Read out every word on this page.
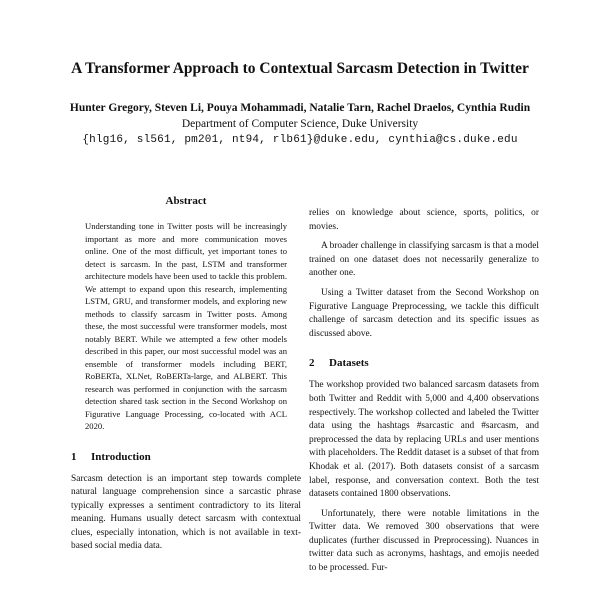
A Transformer Approach to Contextual Sarcasm Detection in Twitter
Hunter Gregory, Steven Li, Pouya Mohammadi, Natalie Tarn, Rachel Draelos, Cynthia Rudin
Department of Computer Science, Duke University
{hlg16, sl561, pm201, nt94, rlb61}@duke.edu, cynthia@cs.duke.edu
Abstract

Understanding tone in Twitter posts will be increasingly important as more and more communication moves online. One of the most difficult, yet important tones to detect is sarcasm. In the past, LSTM and transformer architecture models have been used to tackle this problem. We attempt to expand upon this research, implementing LSTM, GRU, and transformer models, and exploring new methods to classify sarcasm in Twitter posts. Among these, the most successful were transformer models, most notably BERT. While we attempted a few other models described in this paper, our most successful model was an ensemble of transformer models including BERT, RoBERTa, XLNet, RoBERTa-large, and ALBERT. This research was performed in conjunction with the sarcasm detection shared task section in the Second Workshop on Figurative Language Processing, co-located with ACL 2020.

1 Introduction

Sarcasm detection is an important step towards complete natural language comprehension since a sarcastic phrase typically expresses a sentiment contradictory to its literal meaning. Humans usually detect sarcasm with contextual clues, especially intonation, which is not available in text-based social media data.

relies on knowledge about science, sports, politics, or movies.

A broader challenge in classifying sarcasm is that a model trained on one dataset does not necessarily generalize to another one.

Using a Twitter dataset from the Second Workshop on Figurative Language Preprocessing, we tackle this difficult challenge of sarcasm detection and its specific issues as discussed above.

2 Datasets

The workshop provided two balanced sarcasm datasets from both Twitter and Reddit with 5,000 and 4,400 observations respectively. The workshop collected and labeled the Twitter data using the hashtags #sarcastic and #sarcasm, and preprocessed the data by replacing URLs and user mentions with placeholders. The Reddit dataset is a subset of that from Khodak et al. (2017). Both datasets consist of a sarcasm label, response, and conversation context. Both the test datasets contained 1800 observations.

Unfortunately, there were notable limitations in the Twitter data. We removed 300 observations that were duplicates (further discussed in Preprocessing). Nuances in twitter data such as acronyms, hashtags, and emojis needed to be processed. Fur-
